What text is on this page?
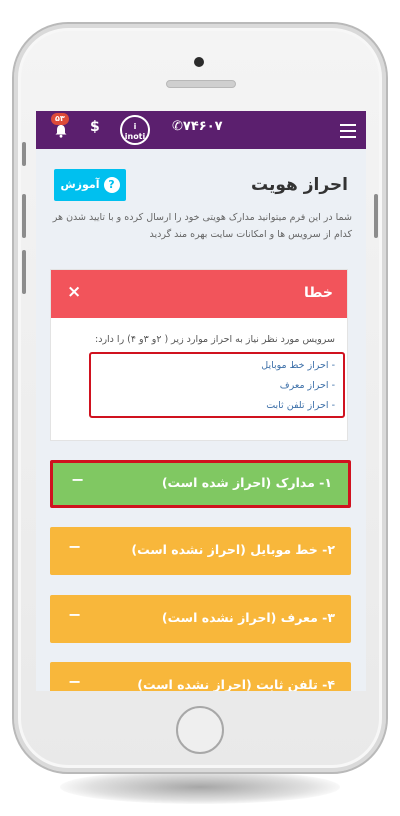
✆۷۴۶۰۷
i
inoti
$
۵۳
احراز هویت
?آموزش
شما در این فرم میتوانید مدارک هویتی خود را ارسال کرده و با تایید شدن هر کدام از سرویس ها و امکانات سایت بهره مند گردید
خطا
×
سرویس مورد نظر نیاز به احراز موارد زیر ( ۲و ۳و ۴) را دارد:
- احراز خط موبایل
- احراز معرف
- احراز تلفن ثابت
۱- مدارک (احراز شده است)
−
۲- خط موبایل (احراز نشده است)
−
۳- معرف (احراز نشده است)
−
۴- تلفن ثابت (احراز نشده است)
−
